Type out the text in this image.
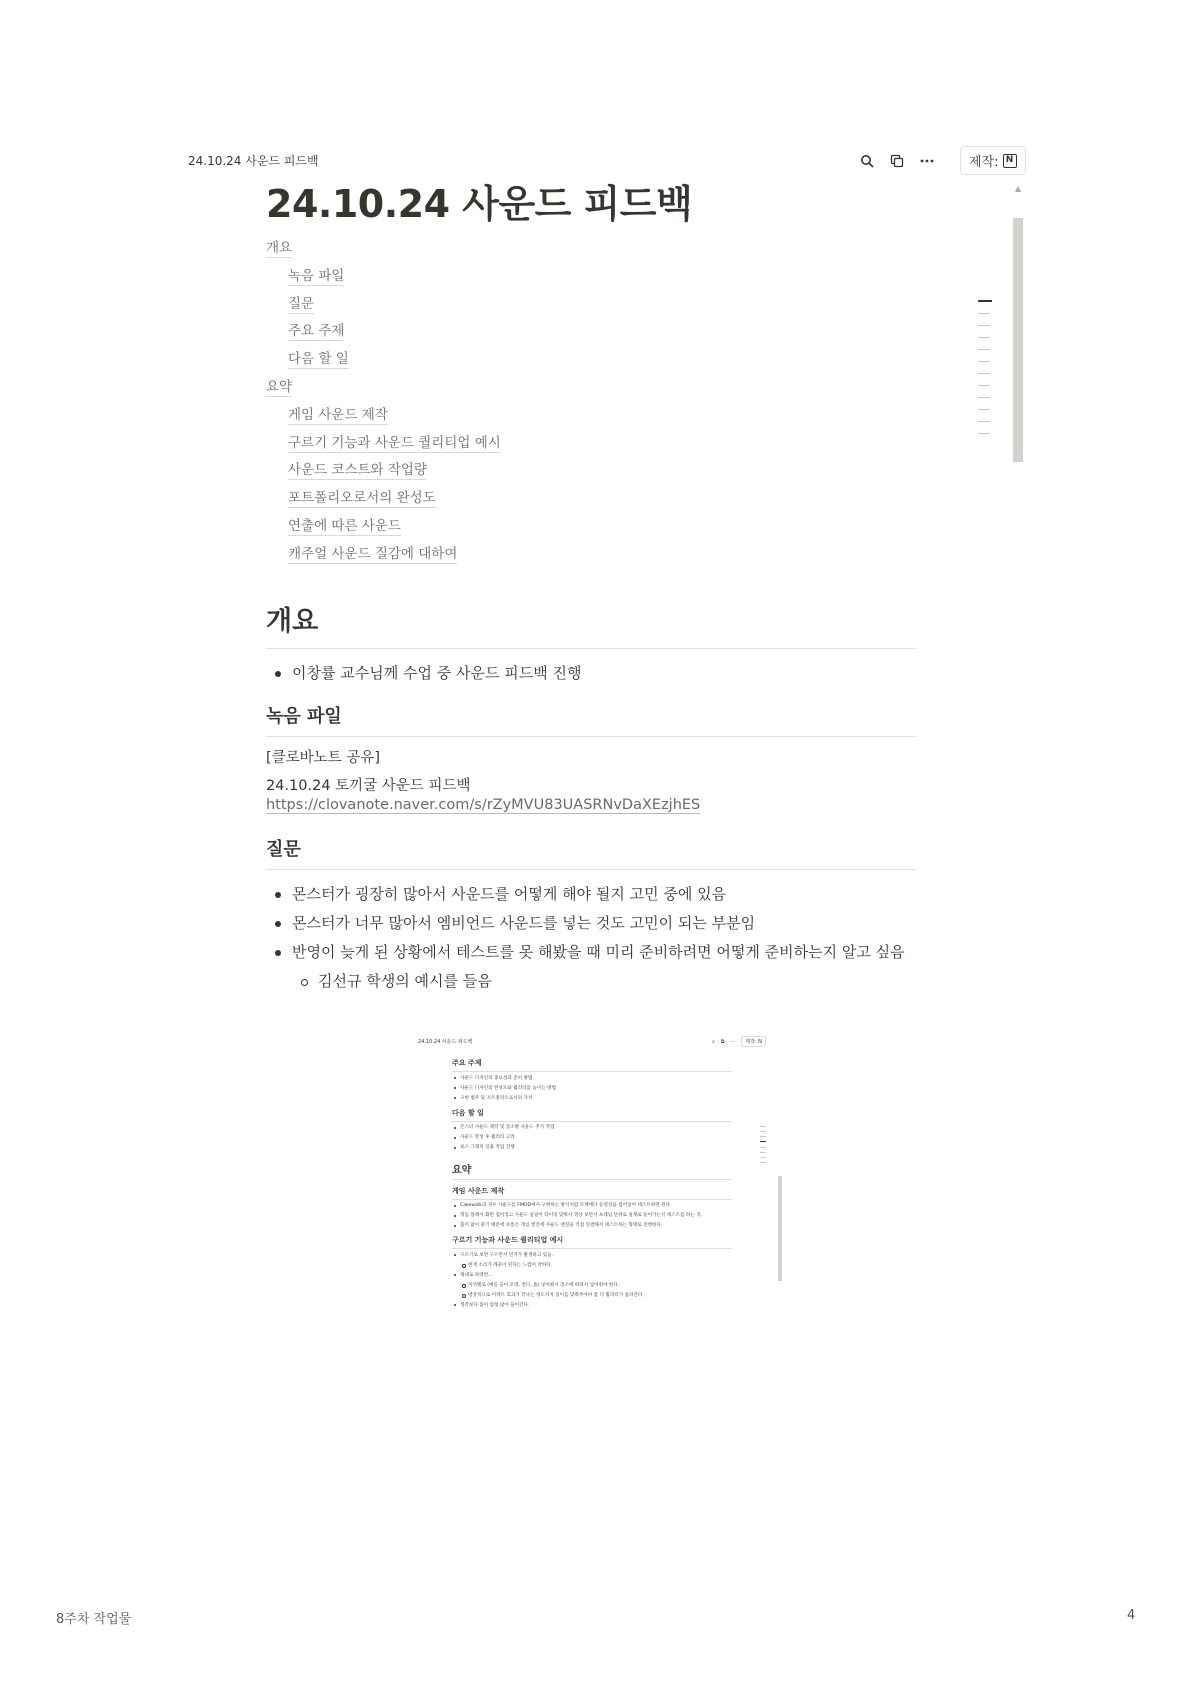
24.10.24 사운드 피드백	제작: N
▲
24.10.24 사운드 피드백
개요
녹음 파일
질문
주요 주제
다음 할 일
요약
게임 사운드 제작
구르기 기능과 사운드 퀄리티업 예시
사운드 코스트와 작업량
포트폴리오로서의 완성도
연출에 따른 사운드
캐주얼 사운드 질감에 대하여
개요
이창률 교수님께 수업 중 사운드 피드백 진행
녹음 파일
[클로바노트 공유]
24.10.24 토끼굴 사운드 피드백
https://clovanote.naver.com/s/rZyMVU83UASRNvDaXEzjhES
질문
몬스터가 굉장히 많아서 사운드를 어떻게 해야 될지 고민 중에 있음
몬스터가 너무 많아서 엠비언드 사운드를 넣는 것도 고민이 되는 부분임
반영이 늦게 된 상황에서 테스트를 못 해봤을 때 미리 준비하려면 어떻게 준비하는지 알고 싶음
김선규 학생의 예시를 들음
24.10.24 사운드 피드백	⌕ ⧉ ···	제작: N
주요 주제
사운드 디자인의 중요성과 준비 방법
사운드 디자인의 완성도와 퀄리티를 높이는 방법
구현 범주 및 포트폴리오로서의 가치
다음 할 일
몬스터 사운드 제작 및 장소별 사운드 추가 작업
사운드 완성 후 퀄리티 고려
보스 그래픽 연출 작업 진행
요약
게임 사운드 제작
Cakewalk의 경우 사운드를 FMOD에서 구현하는 방식처럼 트랙에다 동영상을 집어넣어 테스트하면 된다.
게임 플레이 화면 집어넣고 사운드 일일이 타이밍 맞춰서 영상 보면서 프레임 단위로 실제로 들어가는지 테스트를 하는 것.
몹이 많이 쓸기 때문에 보통은 게임 엔진에 사운드 엔진을 직접 연결해서 테스트하는 형태로 진행한다.
구르기 기능과 사운드 퀄리티업 예시
구르기로 보면 구르면서 먼지가 발생하고 있음.
현재 소리가 깨끗이 된다는 느낌이 약하다.
제대로 하려면...
지역별로 (예를 들어 모래, 잔디, 흙) 넣어줘서 장소에 따라서 넣어줘야 한다.
영상적으로 이펙트 효과가 끝나는 정도까지 길이를 맞춰주어야 좀 더 퀄리티가 올라간다.
생각보다 몹이 엄청 많이 들어간다.
8주차 작업물	4
